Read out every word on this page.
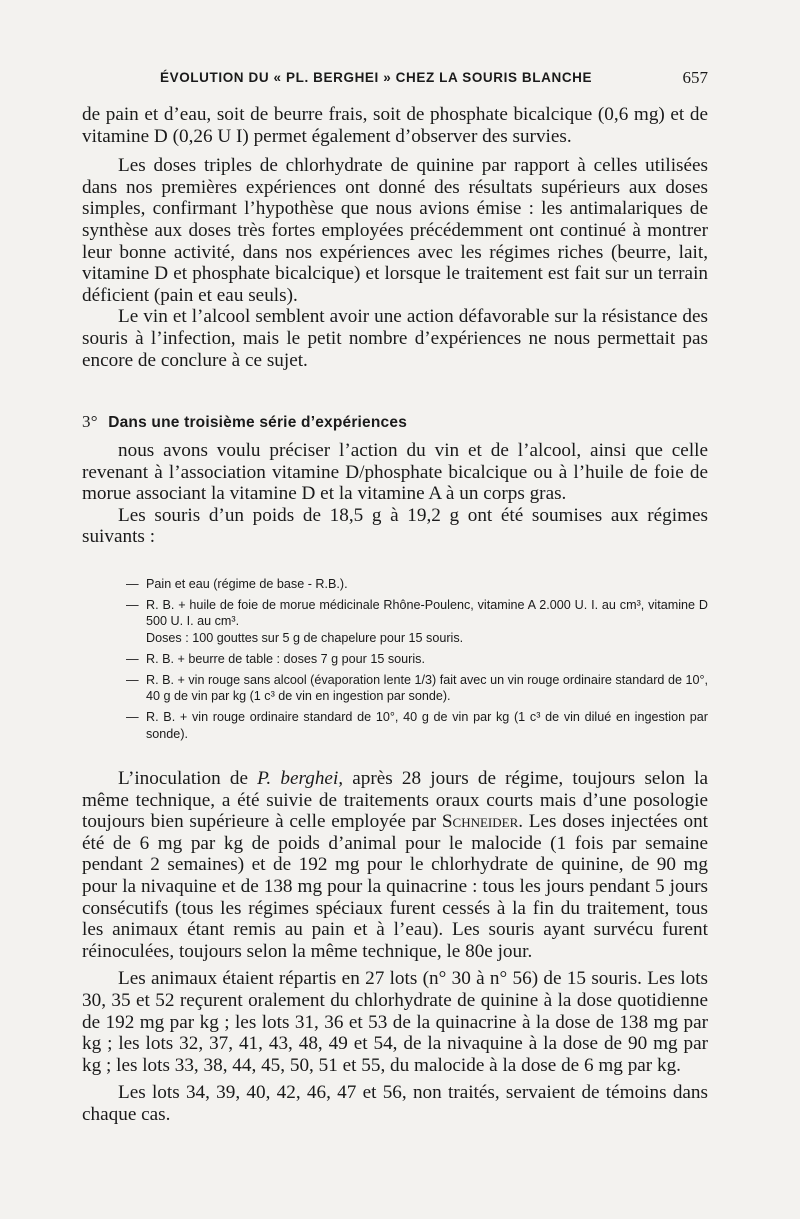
ÉVOLUTION DU « PL. BERGHEI » CHEZ LA SOURIS BLANCHE	657

de pain et d’eau, soit de beurre frais, soit de phosphate bicalcique (0,6 mg) et de vitamine D (0,26 U I) permet également d’observer des survies.

Les doses triples de chlorhydrate de quinine par rapport à celles utilisées dans nos premières expériences ont donné des résultats supérieurs aux doses simples, confirmant l’hypothèse que nous avions émise : les antimalariques de synthèse aux doses très fortes employées précédemment ont continué à montrer leur bonne activité, dans nos expériences avec les régimes riches (beurre, lait, vitamine D et phosphate bicalcique) et lorsque le traitement est fait sur un terrain déficient (pain et eau seuls).

Le vin et l’alcool semblent avoir une action défavorable sur la résistance des souris à l’infection, mais le petit nombre d’expériences ne nous permettait pas encore de conclure à ce sujet.

3° Dans une troisième série d’expériences

nous avons voulu préciser l’action du vin et de l’alcool, ainsi que celle revenant à l’association vitamine D/phosphate bicalcique ou à l’huile de foie de morue associant la vitamine D et la vitamine A à un corps gras.

Les souris d’un poids de 18,5 g à 19,2 g ont été soumises aux régimes suivants :

— Pain et eau (régime de base - R.B.).
— R. B. + huile de foie de morue médicinale Rhône-Poulenc, vitamine A 2.000 U. I. au cm³, vitamine D 500 U. I. au cm³.
Doses : 100 gouttes sur 5 g de chapelure pour 15 souris.
— R. B. + beurre de table : doses 7 g pour 15 souris.
— R. B. + vin rouge sans alcool (évaporation lente 1/3) fait avec un vin rouge ordinaire standard de 10°, 40 g de vin par kg (1 c³ de vin en ingestion par sonde).
— R. B. + vin rouge ordinaire standard de 10°, 40 g de vin par kg (1 c³ de vin dilué en ingestion par sonde).

L’inoculation de P. berghei, après 28 jours de régime, toujours selon la même technique, a été suivie de traitements oraux courts mais d’une posologie toujours bien supérieure à celle employée par Schneider. Les doses injectées ont été de 6 mg par kg de poids d’animal pour le malocide (1 fois par semaine pendant 2 semaines) et de 192 mg pour le chlorhydrate de quinine, de 90 mg pour la nivaquine et de 138 mg pour la quinacrine : tous les jours pendant 5 jours consécutifs (tous les régimes spéciaux furent cessés à la fin du traitement, tous les animaux étant remis au pain et à l’eau). Les souris ayant survécu furent réinoculées, toujours selon la même technique, le 80e jour.

Les animaux étaient répartis en 27 lots (n° 30 à n° 56) de 15 souris. Les lots 30, 35 et 52 reçurent oralement du chlorhydrate de quinine à la dose quotidienne de 192 mg par kg ; les lots 31, 36 et 53 de la quinacrine à la dose de 138 mg par kg ; les lots 32, 37, 41, 43, 48, 49 et 54, de la nivaquine à la dose de 90 mg par kg ; les lots 33, 38, 44, 45, 50, 51 et 55, du malocide à la dose de 6 mg par kg.

Les lots 34, 39, 40, 42, 46, 47 et 56, non traités, servaient de témoins dans chaque cas.
